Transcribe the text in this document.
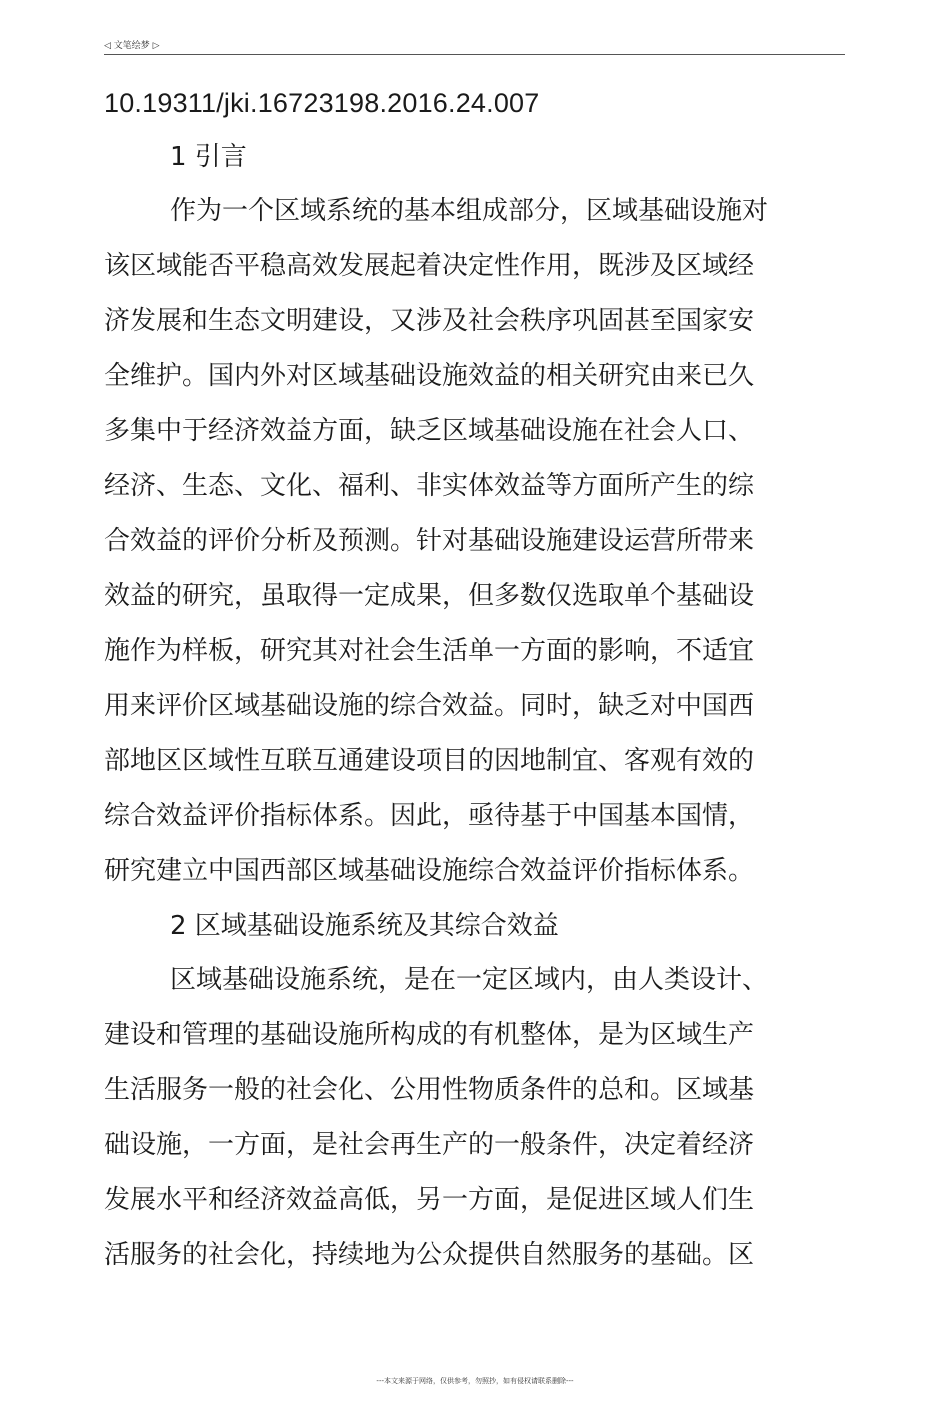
◁ 文笔绘梦 ▷
10.19311/jki.16723198.2016.24.007
1 引言
作为一个区域系统的基本组成部分，区域基础设施对
该区域能否平稳高效发展起着决定性作用，既涉及区域经
济发展和生态文明建设，又涉及社会秩序巩固甚至国家安
全维护。国内外对区域基础设施效益的相关研究由来已久
多集中于经济效益方面，缺乏区域基础设施在社会人口、
经济、生态、文化、福利、非实体效益等方面所产生的综
合效益的评价分析及预测。针对基础设施建设运营所带来
效益的研究，虽取得一定成果，但多数仅选取单个基础设
施作为样板，研究其对社会生活单一方面的影响，不适宜
用来评价区域基础设施的综合效益。同时，缺乏对中国西
部地区区域性互联互通建设项目的因地制宜、客观有效的
综合效益评价指标体系。因此，亟待基于中国基本国情，
研究建立中国西部区域基础设施综合效益评价指标体系。
2 区域基础设施系统及其综合效益
区域基础设施系统，是在一定区域内，由人类设计、
建设和管理的基础设施所构成的有机整体，是为区域生产
生活服务一般的社会化、公用性物质条件的总和。区域基
础设施，一方面，是社会再生产的一般条件，决定着经济
发展水平和经济效益高低，另一方面，是促进区域人们生
活服务的社会化，持续地为公众提供自然服务的基础。区
---本文来源于网络，仅供参考，勿照抄，如有侵权请联系删除---
